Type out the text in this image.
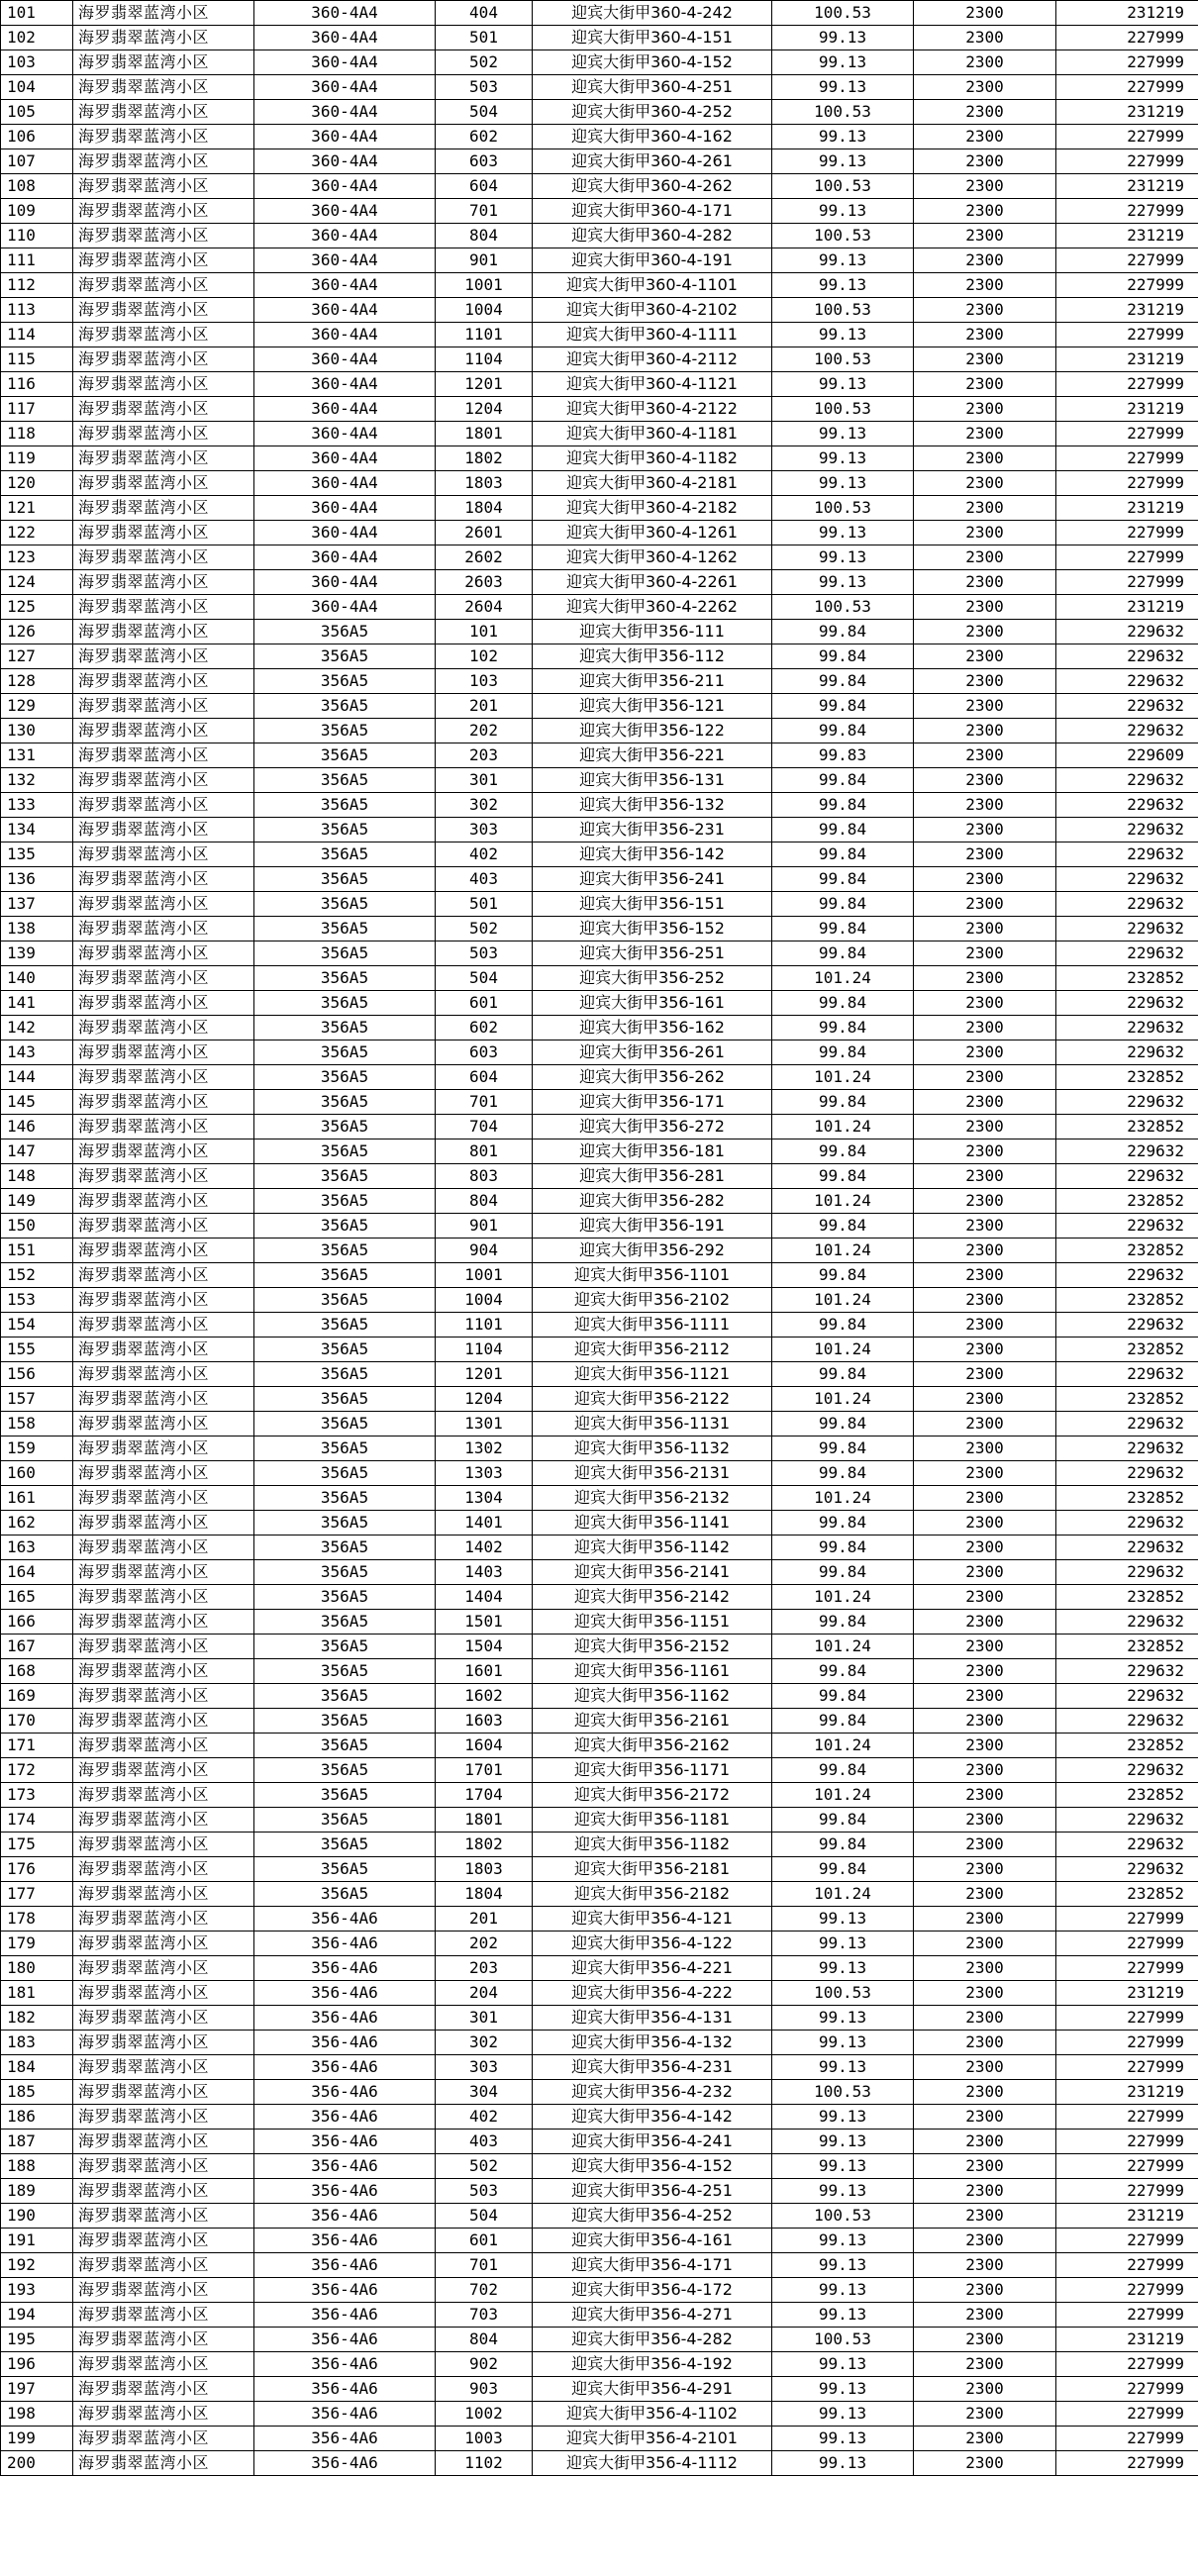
101	海罗翡翠蓝湾小区	360-4A4	404	迎宾大街甲360-4-242	100.53	2300	231219
102	海罗翡翠蓝湾小区	360-4A4	501	迎宾大街甲360-4-151	99.13	2300	227999
103	海罗翡翠蓝湾小区	360-4A4	502	迎宾大街甲360-4-152	99.13	2300	227999
104	海罗翡翠蓝湾小区	360-4A4	503	迎宾大街甲360-4-251	99.13	2300	227999
105	海罗翡翠蓝湾小区	360-4A4	504	迎宾大街甲360-4-252	100.53	2300	231219
106	海罗翡翠蓝湾小区	360-4A4	602	迎宾大街甲360-4-162	99.13	2300	227999
107	海罗翡翠蓝湾小区	360-4A4	603	迎宾大街甲360-4-261	99.13	2300	227999
108	海罗翡翠蓝湾小区	360-4A4	604	迎宾大街甲360-4-262	100.53	2300	231219
109	海罗翡翠蓝湾小区	360-4A4	701	迎宾大街甲360-4-171	99.13	2300	227999
110	海罗翡翠蓝湾小区	360-4A4	804	迎宾大街甲360-4-282	100.53	2300	231219
111	海罗翡翠蓝湾小区	360-4A4	901	迎宾大街甲360-4-191	99.13	2300	227999
112	海罗翡翠蓝湾小区	360-4A4	1001	迎宾大街甲360-4-1101	99.13	2300	227999
113	海罗翡翠蓝湾小区	360-4A4	1004	迎宾大街甲360-4-2102	100.53	2300	231219
114	海罗翡翠蓝湾小区	360-4A4	1101	迎宾大街甲360-4-1111	99.13	2300	227999
115	海罗翡翠蓝湾小区	360-4A4	1104	迎宾大街甲360-4-2112	100.53	2300	231219
116	海罗翡翠蓝湾小区	360-4A4	1201	迎宾大街甲360-4-1121	99.13	2300	227999
117	海罗翡翠蓝湾小区	360-4A4	1204	迎宾大街甲360-4-2122	100.53	2300	231219
118	海罗翡翠蓝湾小区	360-4A4	1801	迎宾大街甲360-4-1181	99.13	2300	227999
119	海罗翡翠蓝湾小区	360-4A4	1802	迎宾大街甲360-4-1182	99.13	2300	227999
120	海罗翡翠蓝湾小区	360-4A4	1803	迎宾大街甲360-4-2181	99.13	2300	227999
121	海罗翡翠蓝湾小区	360-4A4	1804	迎宾大街甲360-4-2182	100.53	2300	231219
122	海罗翡翠蓝湾小区	360-4A4	2601	迎宾大街甲360-4-1261	99.13	2300	227999
123	海罗翡翠蓝湾小区	360-4A4	2602	迎宾大街甲360-4-1262	99.13	2300	227999
124	海罗翡翠蓝湾小区	360-4A4	2603	迎宾大街甲360-4-2261	99.13	2300	227999
125	海罗翡翠蓝湾小区	360-4A4	2604	迎宾大街甲360-4-2262	100.53	2300	231219
126	海罗翡翠蓝湾小区	356A5	101	迎宾大街甲356-111	99.84	2300	229632
127	海罗翡翠蓝湾小区	356A5	102	迎宾大街甲356-112	99.84	2300	229632
128	海罗翡翠蓝湾小区	356A5	103	迎宾大街甲356-211	99.84	2300	229632
129	海罗翡翠蓝湾小区	356A5	201	迎宾大街甲356-121	99.84	2300	229632
130	海罗翡翠蓝湾小区	356A5	202	迎宾大街甲356-122	99.84	2300	229632
131	海罗翡翠蓝湾小区	356A5	203	迎宾大街甲356-221	99.83	2300	229609
132	海罗翡翠蓝湾小区	356A5	301	迎宾大街甲356-131	99.84	2300	229632
133	海罗翡翠蓝湾小区	356A5	302	迎宾大街甲356-132	99.84	2300	229632
134	海罗翡翠蓝湾小区	356A5	303	迎宾大街甲356-231	99.84	2300	229632
135	海罗翡翠蓝湾小区	356A5	402	迎宾大街甲356-142	99.84	2300	229632
136	海罗翡翠蓝湾小区	356A5	403	迎宾大街甲356-241	99.84	2300	229632
137	海罗翡翠蓝湾小区	356A5	501	迎宾大街甲356-151	99.84	2300	229632
138	海罗翡翠蓝湾小区	356A5	502	迎宾大街甲356-152	99.84	2300	229632
139	海罗翡翠蓝湾小区	356A5	503	迎宾大街甲356-251	99.84	2300	229632
140	海罗翡翠蓝湾小区	356A5	504	迎宾大街甲356-252	101.24	2300	232852
141	海罗翡翠蓝湾小区	356A5	601	迎宾大街甲356-161	99.84	2300	229632
142	海罗翡翠蓝湾小区	356A5	602	迎宾大街甲356-162	99.84	2300	229632
143	海罗翡翠蓝湾小区	356A5	603	迎宾大街甲356-261	99.84	2300	229632
144	海罗翡翠蓝湾小区	356A5	604	迎宾大街甲356-262	101.24	2300	232852
145	海罗翡翠蓝湾小区	356A5	701	迎宾大街甲356-171	99.84	2300	229632
146	海罗翡翠蓝湾小区	356A5	704	迎宾大街甲356-272	101.24	2300	232852
147	海罗翡翠蓝湾小区	356A5	801	迎宾大街甲356-181	99.84	2300	229632
148	海罗翡翠蓝湾小区	356A5	803	迎宾大街甲356-281	99.84	2300	229632
149	海罗翡翠蓝湾小区	356A5	804	迎宾大街甲356-282	101.24	2300	232852
150	海罗翡翠蓝湾小区	356A5	901	迎宾大街甲356-191	99.84	2300	229632
151	海罗翡翠蓝湾小区	356A5	904	迎宾大街甲356-292	101.24	2300	232852
152	海罗翡翠蓝湾小区	356A5	1001	迎宾大街甲356-1101	99.84	2300	229632
153	海罗翡翠蓝湾小区	356A5	1004	迎宾大街甲356-2102	101.24	2300	232852
154	海罗翡翠蓝湾小区	356A5	1101	迎宾大街甲356-1111	99.84	2300	229632
155	海罗翡翠蓝湾小区	356A5	1104	迎宾大街甲356-2112	101.24	2300	232852
156	海罗翡翠蓝湾小区	356A5	1201	迎宾大街甲356-1121	99.84	2300	229632
157	海罗翡翠蓝湾小区	356A5	1204	迎宾大街甲356-2122	101.24	2300	232852
158	海罗翡翠蓝湾小区	356A5	1301	迎宾大街甲356-1131	99.84	2300	229632
159	海罗翡翠蓝湾小区	356A5	1302	迎宾大街甲356-1132	99.84	2300	229632
160	海罗翡翠蓝湾小区	356A5	1303	迎宾大街甲356-2131	99.84	2300	229632
161	海罗翡翠蓝湾小区	356A5	1304	迎宾大街甲356-2132	101.24	2300	232852
162	海罗翡翠蓝湾小区	356A5	1401	迎宾大街甲356-1141	99.84	2300	229632
163	海罗翡翠蓝湾小区	356A5	1402	迎宾大街甲356-1142	99.84	2300	229632
164	海罗翡翠蓝湾小区	356A5	1403	迎宾大街甲356-2141	99.84	2300	229632
165	海罗翡翠蓝湾小区	356A5	1404	迎宾大街甲356-2142	101.24	2300	232852
166	海罗翡翠蓝湾小区	356A5	1501	迎宾大街甲356-1151	99.84	2300	229632
167	海罗翡翠蓝湾小区	356A5	1504	迎宾大街甲356-2152	101.24	2300	232852
168	海罗翡翠蓝湾小区	356A5	1601	迎宾大街甲356-1161	99.84	2300	229632
169	海罗翡翠蓝湾小区	356A5	1602	迎宾大街甲356-1162	99.84	2300	229632
170	海罗翡翠蓝湾小区	356A5	1603	迎宾大街甲356-2161	99.84	2300	229632
171	海罗翡翠蓝湾小区	356A5	1604	迎宾大街甲356-2162	101.24	2300	232852
172	海罗翡翠蓝湾小区	356A5	1701	迎宾大街甲356-1171	99.84	2300	229632
173	海罗翡翠蓝湾小区	356A5	1704	迎宾大街甲356-2172	101.24	2300	232852
174	海罗翡翠蓝湾小区	356A5	1801	迎宾大街甲356-1181	99.84	2300	229632
175	海罗翡翠蓝湾小区	356A5	1802	迎宾大街甲356-1182	99.84	2300	229632
176	海罗翡翠蓝湾小区	356A5	1803	迎宾大街甲356-2181	99.84	2300	229632
177	海罗翡翠蓝湾小区	356A5	1804	迎宾大街甲356-2182	101.24	2300	232852
178	海罗翡翠蓝湾小区	356-4A6	201	迎宾大街甲356-4-121	99.13	2300	227999
179	海罗翡翠蓝湾小区	356-4A6	202	迎宾大街甲356-4-122	99.13	2300	227999
180	海罗翡翠蓝湾小区	356-4A6	203	迎宾大街甲356-4-221	99.13	2300	227999
181	海罗翡翠蓝湾小区	356-4A6	204	迎宾大街甲356-4-222	100.53	2300	231219
182	海罗翡翠蓝湾小区	356-4A6	301	迎宾大街甲356-4-131	99.13	2300	227999
183	海罗翡翠蓝湾小区	356-4A6	302	迎宾大街甲356-4-132	99.13	2300	227999
184	海罗翡翠蓝湾小区	356-4A6	303	迎宾大街甲356-4-231	99.13	2300	227999
185	海罗翡翠蓝湾小区	356-4A6	304	迎宾大街甲356-4-232	100.53	2300	231219
186	海罗翡翠蓝湾小区	356-4A6	402	迎宾大街甲356-4-142	99.13	2300	227999
187	海罗翡翠蓝湾小区	356-4A6	403	迎宾大街甲356-4-241	99.13	2300	227999
188	海罗翡翠蓝湾小区	356-4A6	502	迎宾大街甲356-4-152	99.13	2300	227999
189	海罗翡翠蓝湾小区	356-4A6	503	迎宾大街甲356-4-251	99.13	2300	227999
190	海罗翡翠蓝湾小区	356-4A6	504	迎宾大街甲356-4-252	100.53	2300	231219
191	海罗翡翠蓝湾小区	356-4A6	601	迎宾大街甲356-4-161	99.13	2300	227999
192	海罗翡翠蓝湾小区	356-4A6	701	迎宾大街甲356-4-171	99.13	2300	227999
193	海罗翡翠蓝湾小区	356-4A6	702	迎宾大街甲356-4-172	99.13	2300	227999
194	海罗翡翠蓝湾小区	356-4A6	703	迎宾大街甲356-4-271	99.13	2300	227999
195	海罗翡翠蓝湾小区	356-4A6	804	迎宾大街甲356-4-282	100.53	2300	231219
196	海罗翡翠蓝湾小区	356-4A6	902	迎宾大街甲356-4-192	99.13	2300	227999
197	海罗翡翠蓝湾小区	356-4A6	903	迎宾大街甲356-4-291	99.13	2300	227999
198	海罗翡翠蓝湾小区	356-4A6	1002	迎宾大街甲356-4-1102	99.13	2300	227999
199	海罗翡翠蓝湾小区	356-4A6	1003	迎宾大街甲356-4-2101	99.13	2300	227999
200	海罗翡翠蓝湾小区	356-4A6	1102	迎宾大街甲356-4-1112	99.13	2300	227999
